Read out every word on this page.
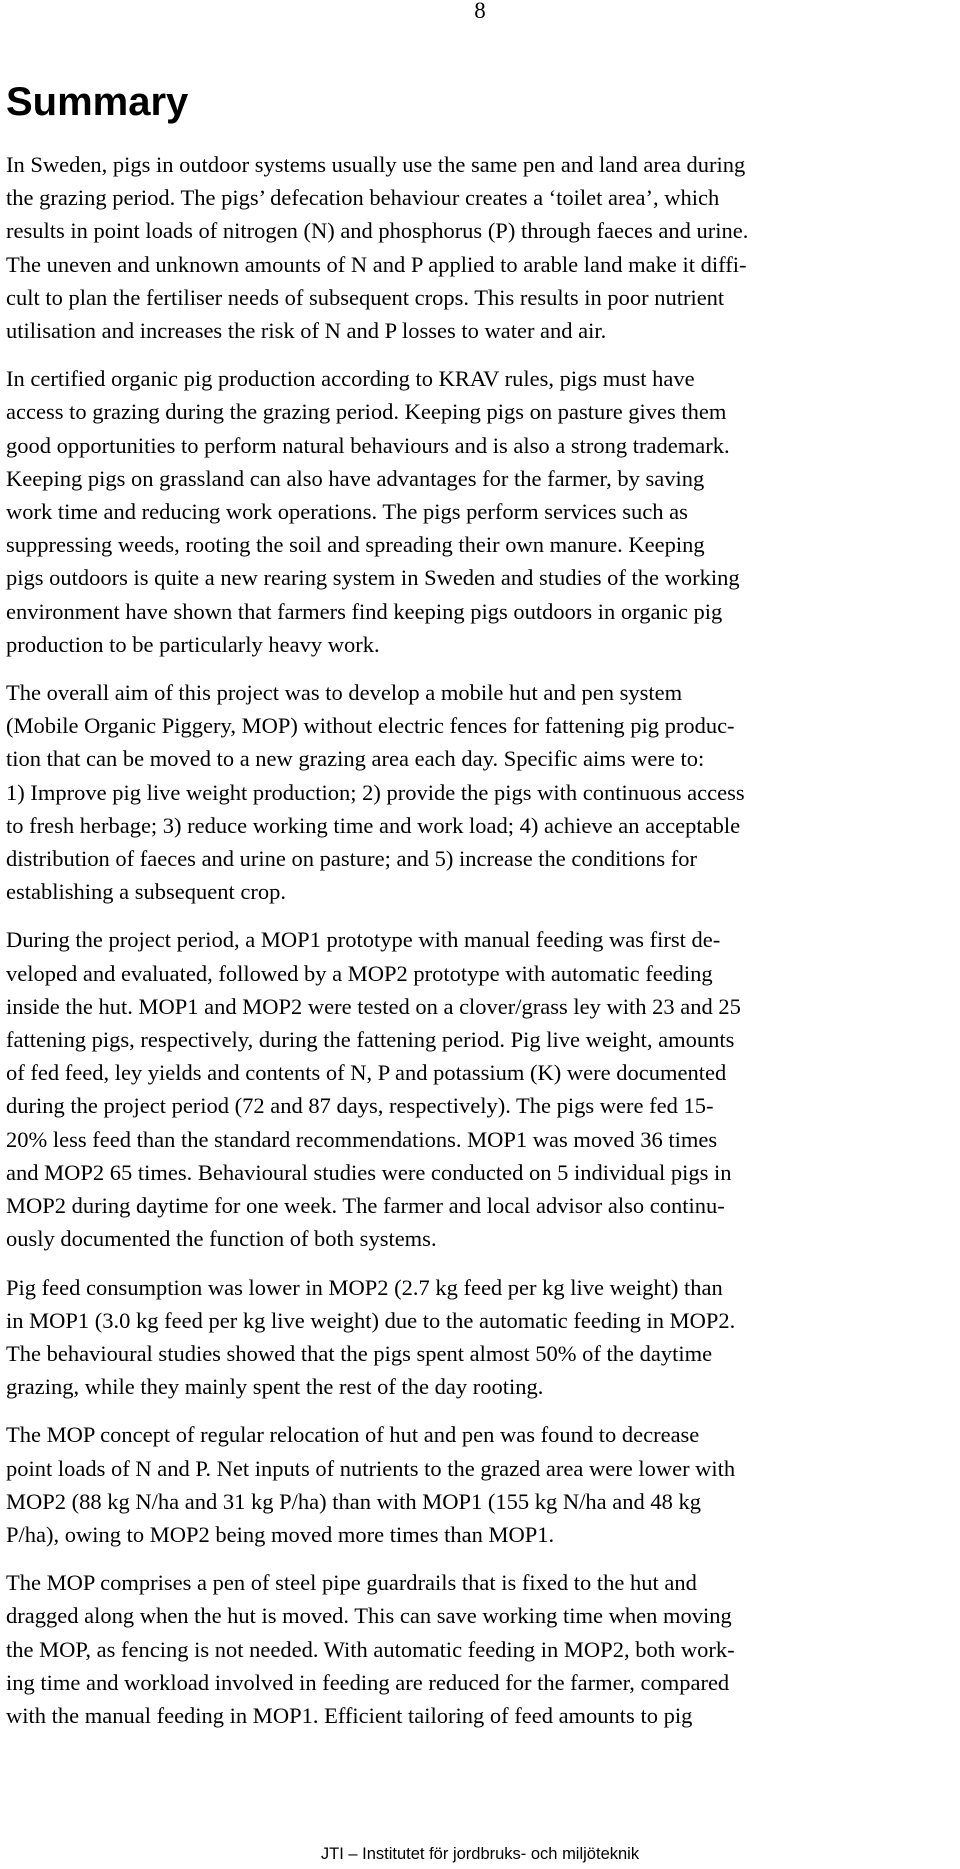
8
Summary

In Sweden, pigs in outdoor systems usually use the same pen and land area during
the grazing period. The pigs’ defecation behaviour creates a ‘toilet area’, which
results in point loads of nitrogen (N) and phosphorus (P) through faeces and urine.
The uneven and unknown amounts of N and P applied to arable land make it diffi-
cult to plan the fertiliser needs of subsequent crops. This results in poor nutrient
utilisation and increases the risk of N and P losses to water and air.

In certified organic pig production according to KRAV rules, pigs must have
access to grazing during the grazing period. Keeping pigs on pasture gives them
good opportunities to perform natural behaviours and is also a strong trademark.
Keeping pigs on grassland can also have advantages for the farmer, by saving
work time and reducing work operations. The pigs perform services such as
suppressing weeds, rooting the soil and spreading their own manure. Keeping
pigs outdoors is quite a new rearing system in Sweden and studies of the working
environment have shown that farmers find keeping pigs outdoors in organic pig
production to be particularly heavy work.

The overall aim of this project was to develop a mobile hut and pen system
(Mobile Organic Piggery, MOP) without electric fences for fattening pig produc-
tion that can be moved to a new grazing area each day. Specific aims were to:
1) Improve pig live weight production; 2) provide the pigs with continuous access
to fresh herbage; 3) reduce working time and work load; 4) achieve an acceptable
distribution of faeces and urine on pasture; and 5) increase the conditions for
establishing a subsequent crop.

During the project period, a MOP1 prototype with manual feeding was first de-
veloped and evaluated, followed by a MOP2 prototype with automatic feeding
inside the hut. MOP1 and MOP2 were tested on a clover/grass ley with 23 and 25
fattening pigs, respectively, during the fattening period. Pig live weight, amounts
of fed feed, ley yields and contents of N, P and potassium (K) were documented
during the project period (72 and 87 days, respectively). The pigs were fed 15-
20% less feed than the standard recommendations. MOP1 was moved 36 times
and MOP2 65 times. Behavioural studies were conducted on 5 individual pigs in
MOP2 during daytime for one week. The farmer and local advisor also continu-
ously documented the function of both systems.

Pig feed consumption was lower in MOP2 (2.7 kg feed per kg live weight) than
in MOP1 (3.0 kg feed per kg live weight) due to the automatic feeding in MOP2.
The behavioural studies showed that the pigs spent almost 50% of the daytime
grazing, while they mainly spent the rest of the day rooting.

The MOP concept of regular relocation of hut and pen was found to decrease
point loads of N and P. Net inputs of nutrients to the grazed area were lower with
MOP2 (88 kg N/ha and 31 kg P/ha) than with MOP1 (155 kg N/ha and 48 kg
P/ha), owing to MOP2 being moved more times than MOP1.

The MOP comprises a pen of steel pipe guardrails that is fixed to the hut and
dragged along when the hut is moved. This can save working time when moving
the MOP, as fencing is not needed. With automatic feeding in MOP2, both work-
ing time and workload involved in feeding are reduced for the farmer, compared
with the manual feeding in MOP1. Efficient tailoring of feed amounts to pig

JTI – Institutet för jordbruks- och miljöteknik
